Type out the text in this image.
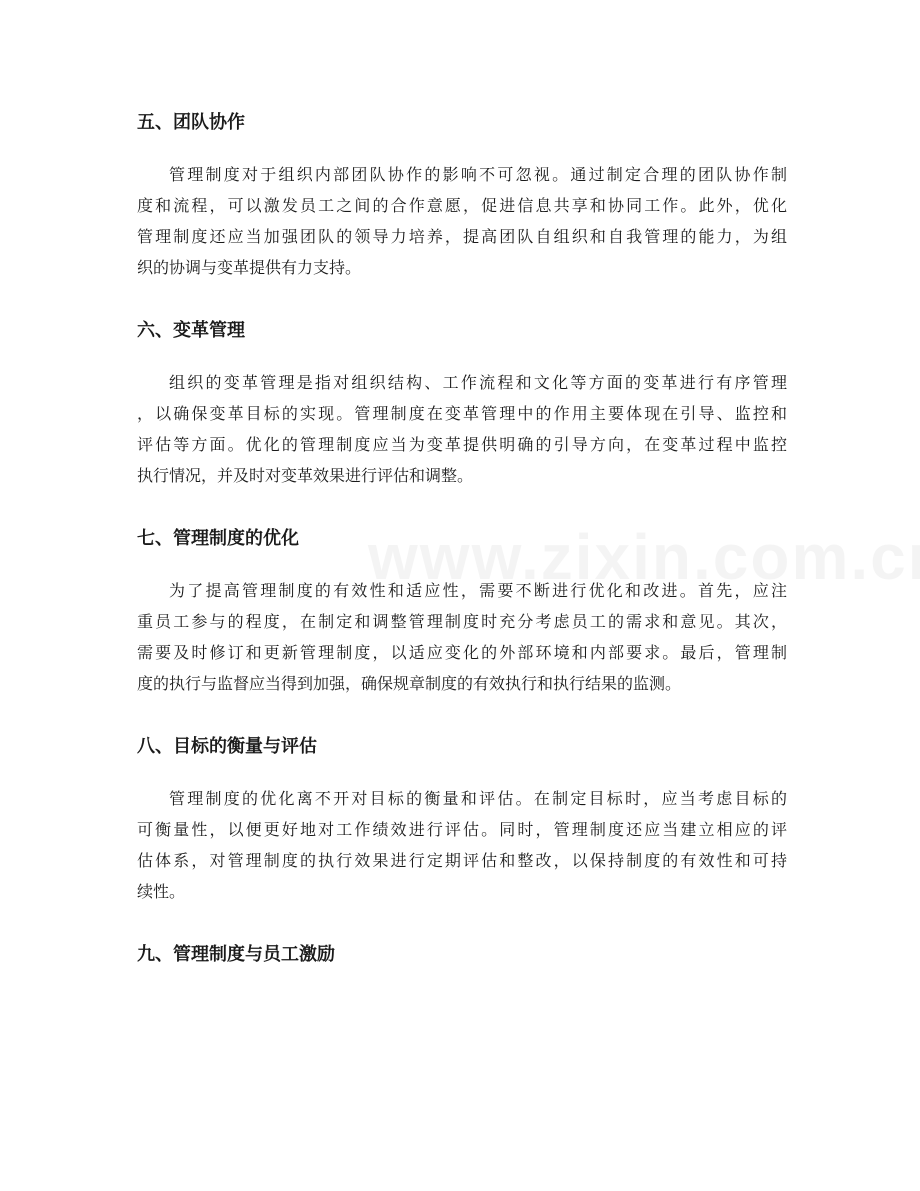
五、团队协作
管理制度对于组织内部团队协作的影响不可忽视。通过制定合理的团队协作制
度和流程，可以激发员工之间的合作意愿，促进信息共享和协同工作。此外，优化
管理制度还应当加强团队的领导力培养，提高团队自组织和自我管理的能力，为组
织的协调与变革提供有力支持。
六、变革管理
组织的变革管理是指对组织结构、工作流程和文化等方面的变革进行有序管理
，以确保变革目标的实现。管理制度在变革管理中的作用主要体现在引导、监控和
评估等方面。优化的管理制度应当为变革提供明确的引导方向，在变革过程中监控
执行情况，并及时对变革效果进行评估和调整。
七、管理制度的优化
为了提高管理制度的有效性和适应性，需要不断进行优化和改进。首先，应注
重员工参与的程度，在制定和调整管理制度时充分考虑员工的需求和意见。其次，
需要及时修订和更新管理制度，以适应变化的外部环境和内部要求。最后，管理制
度的执行与监督应当得到加强，确保规章制度的有效执行和执行结果的监测。
八、目标的衡量与评估
管理制度的优化离不开对目标的衡量和评估。在制定目标时，应当考虑目标的
可衡量性，以便更好地对工作绩效进行评估。同时，管理制度还应当建立相应的评
估体系，对管理制度的执行效果进行定期评估和整改，以保持制度的有效性和可持
续性。
九、管理制度与员工激励
